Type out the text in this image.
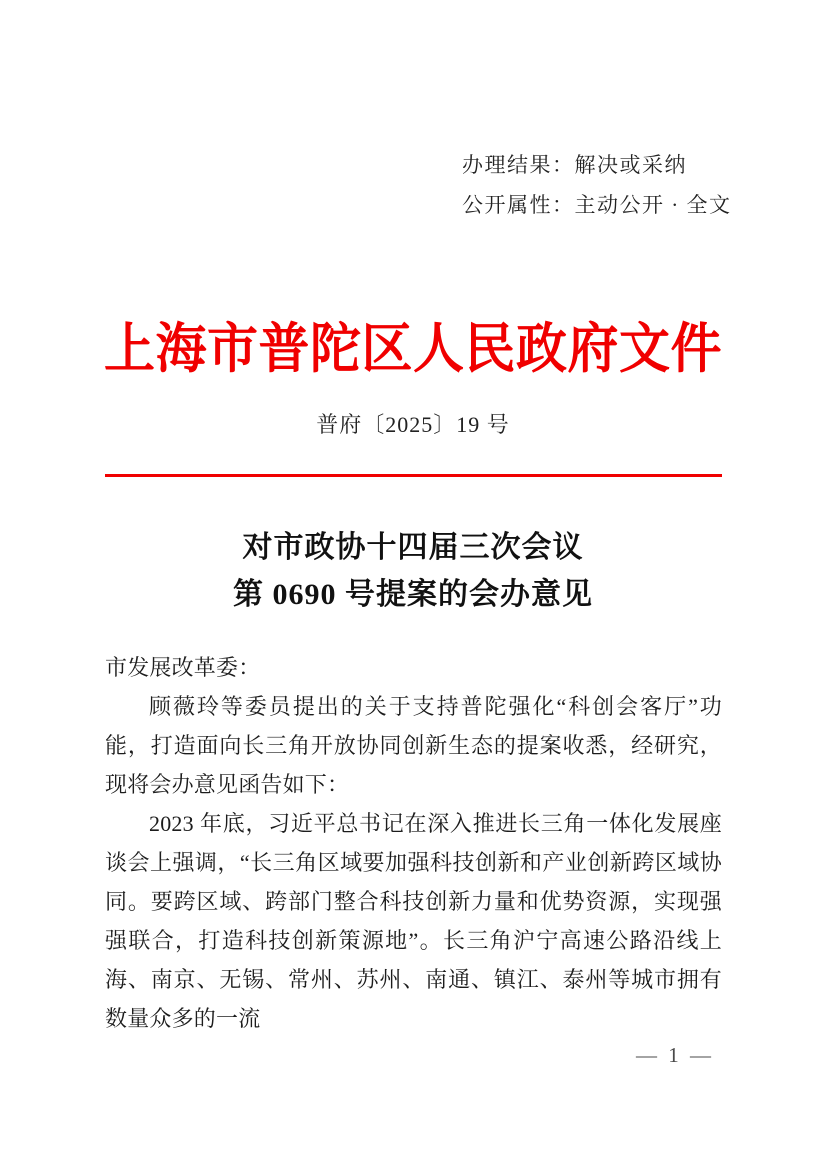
办理结果：解决或采纳
公开属性：主动公开 · 全文
上海市普陀区人民政府文件
普府〔2025〕19 号
对市政协十四届三次会议
第 0690 号提案的会办意见

市发展改革委：

顾薇玲等委员提出的关于支持普陀强化“科创会客厅”功能，打造面向长三角开放协同创新生态的提案收悉，经研究，现将会办意见函告如下：

2023 年底，习近平总书记在深入推进长三角一体化发展座谈会上强调，“长三角区域要加强科技创新和产业创新跨区域协同。要跨区域、跨部门整合科技创新力量和优势资源，实现强强联合，打造科技创新策源地”。长三角沪宁高速公路沿线上海、南京、无锡、常州、苏州、南通、镇江、泰州等城市拥有数量众多的一流

— 1 —
